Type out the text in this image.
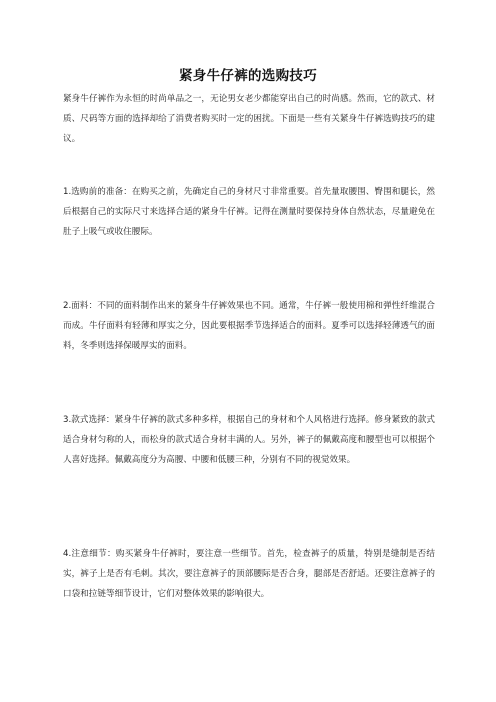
紧身牛仔裤的选购技巧

紧身牛仔裤作为永恒的时尚单品之一，无论男女老少都能穿出自己的时尚感。然而，它的款式、材质、尺码等方面的选择却给了消费者购买时一定的困扰。下面是一些有关紧身牛仔裤选购技巧的建议。

1.选购前的准备：在购买之前，先确定自己的身材尺寸非常重要。首先量取腰围、臀围和腿长，然后根据自己的实际尺寸来选择合适的紧身牛仔裤。记得在测量时要保持身体自然状态，尽量避免在肚子上吸气或收住腰际。

2.面料：不同的面料制作出来的紧身牛仔裤效果也不同。通常，牛仔裤一般使用棉和弹性纤维混合而成。牛仔面料有轻薄和厚实之分，因此要根据季节选择适合的面料。夏季可以选择轻薄透气的面料，冬季则选择保暖厚实的面料。

3.款式选择：紧身牛仔裤的款式多种多样，根据自己的身材和个人风格进行选择。修身紧致的款式适合身材匀称的人，而松身的款式适合身材丰满的人。另外，裤子的佩戴高度和腰型也可以根据个人喜好选择。佩戴高度分为高腰、中腰和低腰三种，分别有不同的视觉效果。

4.注意细节：购买紧身牛仔裤时，要注意一些细节。首先，检查裤子的质量，特别是缝制是否结实，裤子上是否有毛刺。其次，要注意裤子的顶部腰际是否合身，腿部是否舒适。还要注意裤子的口袋和拉链等细节设计，它们对整体效果的影响很大。
